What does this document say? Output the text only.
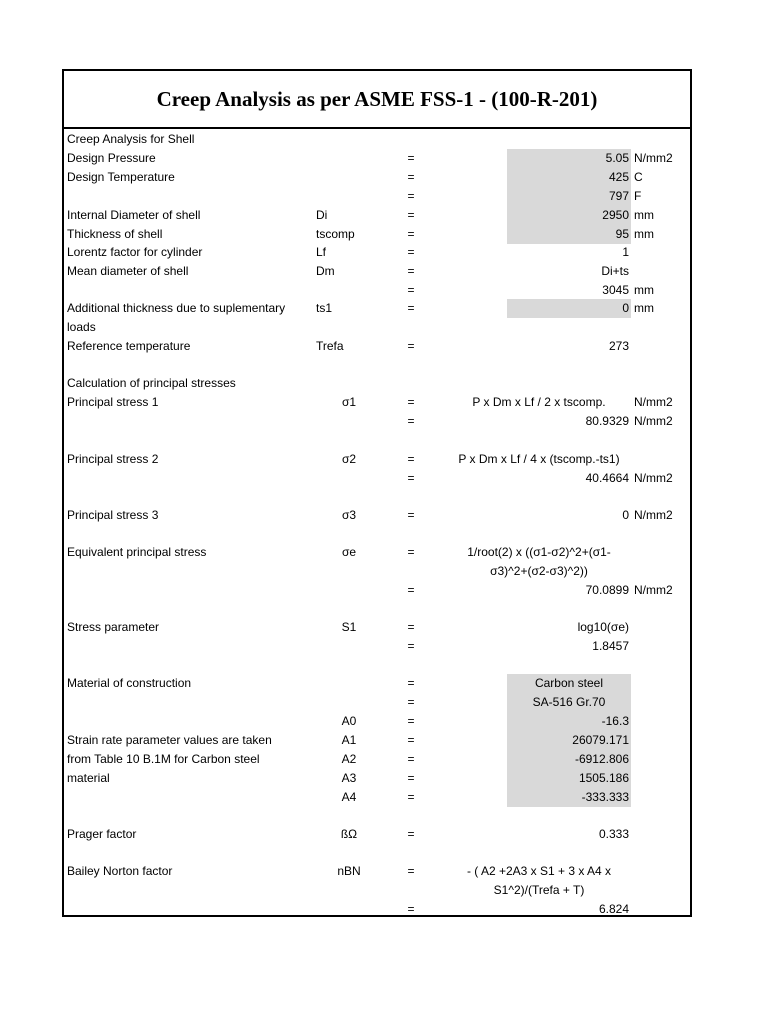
Creep Analysis as per ASME FSS-1 - (100-R-201)
Creep Analysis for Shell
Design Pressure	=	5.05 N/mm2
Design Temperature	=	425 C
=	797 F
Internal Diameter of shell	Di	=	2950 mm
Thickness of shell	tscomp	=	95 mm
Lorentz factor for cylinder	Lf	=	1
Mean diameter of shell	Dm	=	Di+ts
=	3045 mm
Additional thickness due to suplementary	ts1	=	0 mm
loads
Reference temperature	Trefa	=	273
Calculation of principal stresses
Principal stress 1	σ1	=	P x Dm x Lf / 2 x tscomp.	N/mm2
=	80.9329 N/mm2
Principal stress 2	σ2	=	P x Dm x Lf / 4 x (tscomp.-ts1)
=	40.4664 N/mm2
Principal stress 3	σ3	=	0 N/mm2
Equivalent principal stress	σe	=	1/root(2) x ((σ1-σ2)^2+(σ1-
σ3)^2+(σ2-σ3)^2))
=	70.0899 N/mm2
Stress parameter	S1	=	log10(σe)
=	1.8457
Material of construction	=	Carbon steel
=	SA-516 Gr.70
A0	=	-16.3
Strain rate parameter values are taken	A1	=	26079.171
from Table 10 B.1M for Carbon steel	A2	=	-6912.806
material	A3	=	1505.186
A4	=	-333.333
Prager factor	ßΩ	=	0.333
Bailey Norton factor	nBN	=	- ( A2 +2A3 x S1 + 3 x A4 x
S1^2)/(Trefa + T)
=	6.824
